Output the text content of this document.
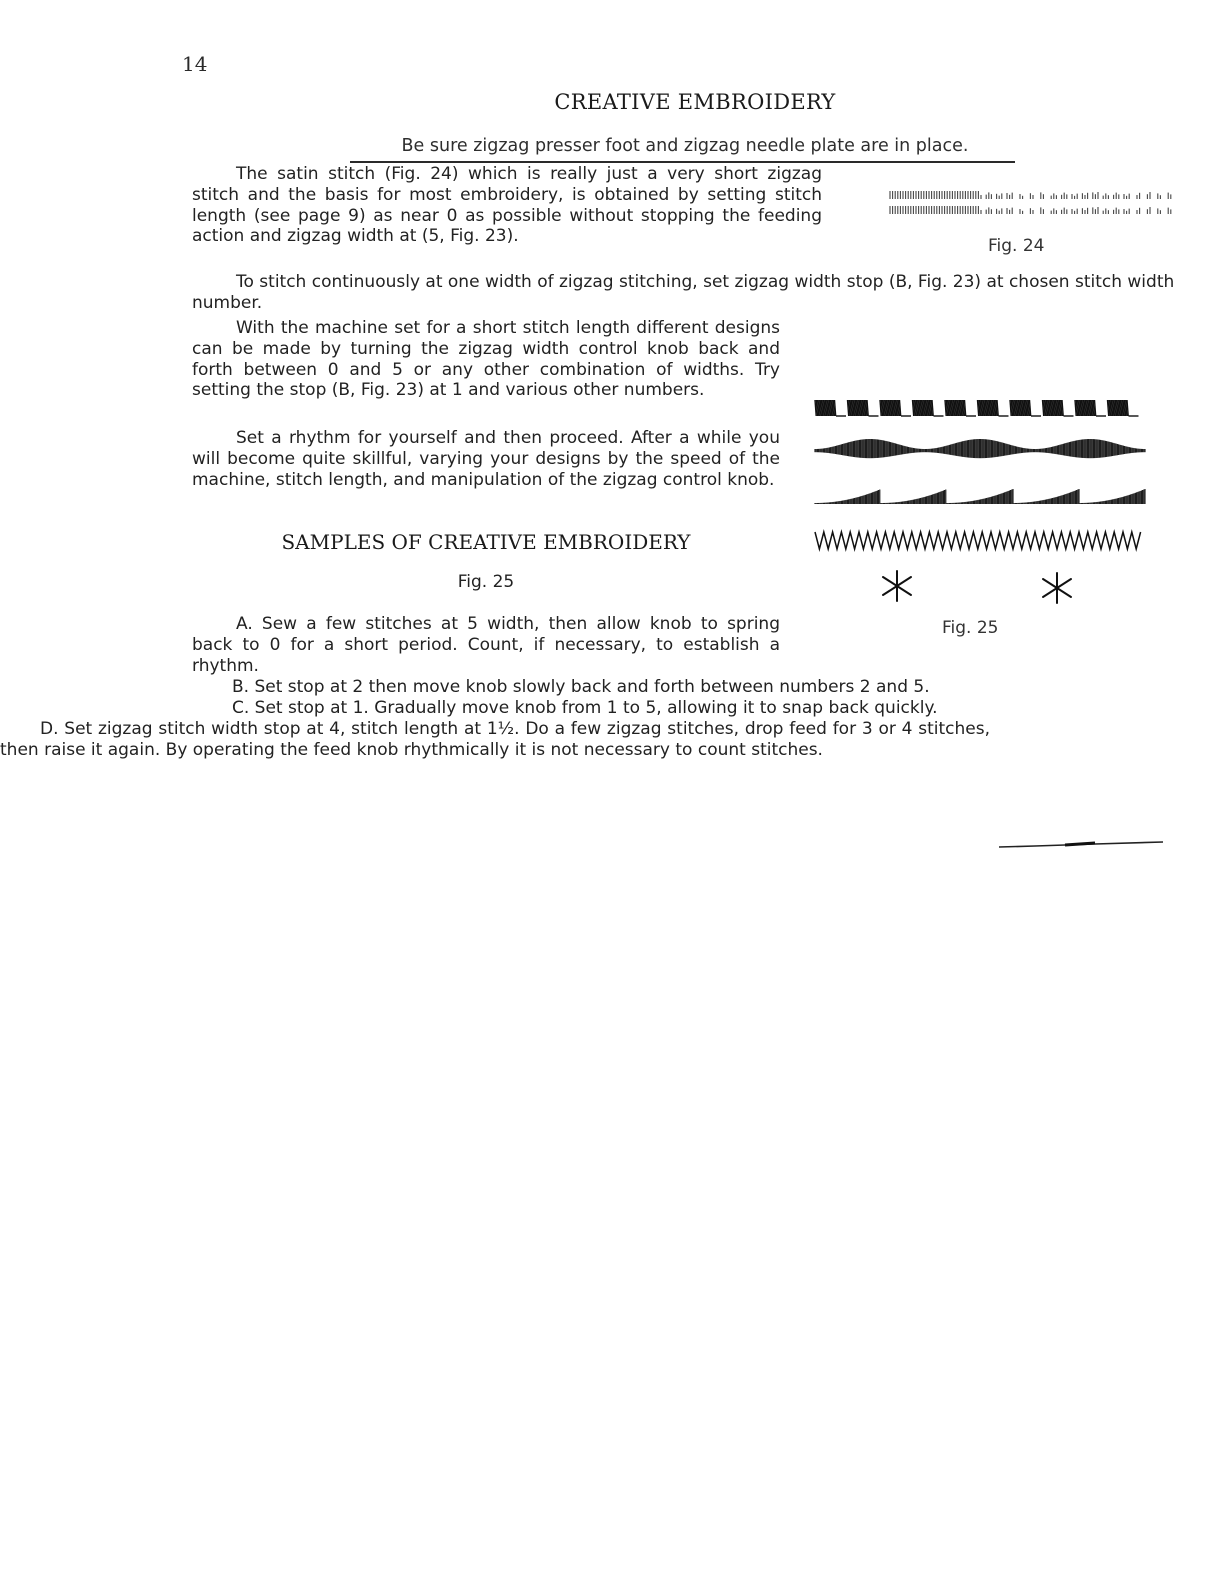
14
CREATIVE EMBROIDERY
Be sure zigzag presser foot and zigzag needle plate are in place.

The satin stitch (Fig. 24) which is really just a very short zigzag stitch and the basis for most embroidery, is obtained by setting stitch length (see page 9) as near 0 as possible without stopping the feeding action and zigzag width at (5, Fig. 23).	Fig. 24

To stitch continuously at one width of zigzag stitching, set zigzag width stop (B, Fig. 23) at chosen stitch width number.

With the machine set for a short stitch length different designs can be made by turning the zigzag width control knob back and forth between 0 and 5 or any other combination of widths. Try setting the stop (B, Fig. 23) at 1 and various other numbers.

Set a rhythm for yourself and then proceed. After a while you will become quite skillful, varying your designs by the speed of the machine, stitch length, and manipulation of the zigzag control knob.

SAMPLES OF CREATIVE EMBROIDERY
Fig. 25
Fig. 25

A. Sew a few stitches at 5 width, then allow knob to spring back to 0 for a short period. Count, if necessary, to establish a rhythm.

B. Set stop at 2 then move knob slowly back and forth between numbers 2 and 5.
C. Set stop at 1. Gradually move knob from 1 to 5, allowing it to snap back quickly.

D. Set zigzag stitch width stop at 4, stitch length at 1½. Do a few zigzag stitches, drop feed for 3 or 4 stitches, then raise it again. By operating the feed knob rhythmically it is not necessary to count stitches.
